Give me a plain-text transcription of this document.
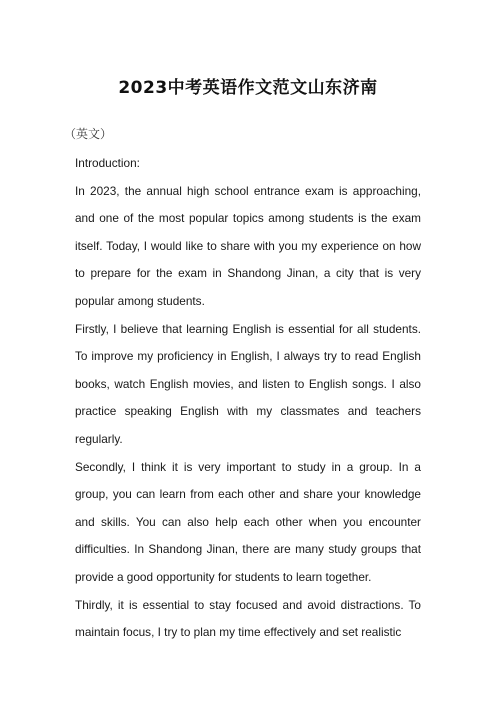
2023中考英语作文范文山东济南
（英文）

Introduction:

In 2023, the annual high school entrance exam is approaching, and one of the most popular topics among students is the exam itself. Today, I would like to share with you my experience on how to prepare for the exam in Shandong Jinan, a city that is very popular among students.

Firstly, I believe that learning English is essential for all students. To improve my proficiency in English, I always try to read English books, watch English movies, and listen to English songs. I also practice speaking English with my classmates and teachers regularly.

Secondly, I think it is very important to study in a group. In a group, you can learn from each other and share your knowledge and skills. You can also help each other when you encounter difficulties. In Shandong Jinan, there are many study groups that provide a good opportunity for students to learn together.

Thirdly, it is essential to stay focused and avoid distractions. To maintain focus, I try to plan my time effectively and set realistic
